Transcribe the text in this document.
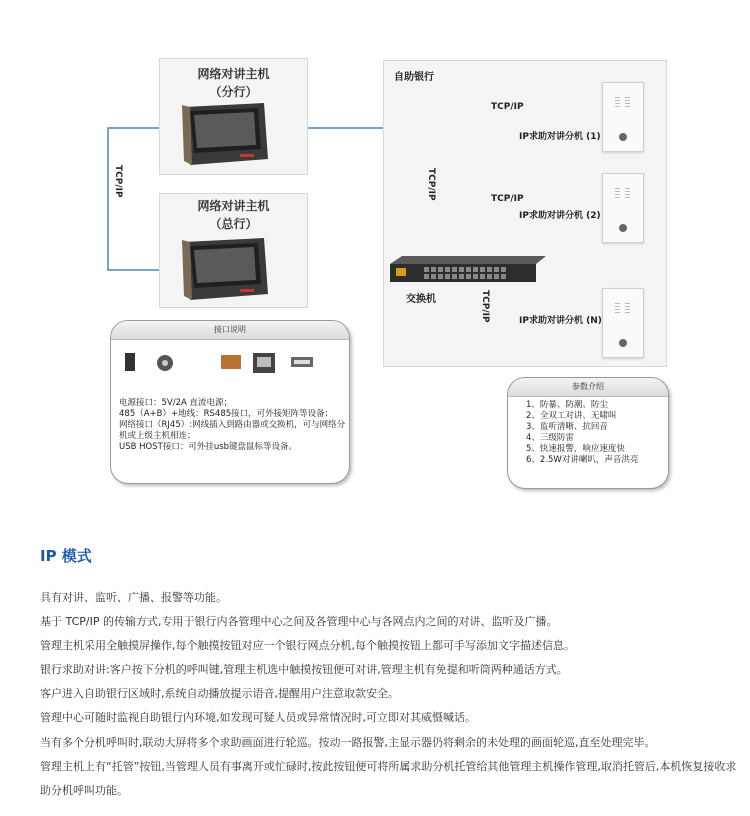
网络对讲主机
（分行）
网络对讲主机
（总行）
TCP/IP
自助银行
TCP/IP
TCP/IP
TCP/IP
TCP/IP
IP求助对讲分机 (1)
IP求助对讲分机 (2)
IP求助对讲分机 (N)
交换机
接口说明
电源接口：5V/2A 直流电源；
485（A+B）+地线：RS485接口，可外接矩阵等设备；
网络接口（RJ45）:网线插入到路由器或交换机，可与网络分机或上级主机相连；
USB HOST接口：可外挂usb键盘鼠标等设备。
参数介绍
1、防暴、防潮、防尘
2、全双工对讲、无啸叫
3、监听清晰、抗回音
4、三级防雷
5、快速报警，响应速度快
6、2.5W对讲喇叭，声音洪亮
IP 模式
具有对讲、监听、广播、报警等功能。
基于 TCP/IP 的传输方式,专用于银行内各管理中心之间及各管理中心与各网点内之间的对讲、监听及广播。
管理主机采用全触摸屏操作,每个触摸按钮对应一个银行网点分机,每个触摸按钮上都可手写添加文字描述信息。
银行求助对讲:客户按下分机的呼叫键,管理主机选中触摸按钮便可对讲,管理主机有免提和听筒两种通话方式。
客户进入自助银行区域时,系统自动播放提示语音,提醒用户注意取款安全。
管理中心可随时监视自助银行内环境,如发现可疑人员或异常情况时,可立即对其威慑喊话。
当有多个分机呼叫时,联动大屏将多个求助画面进行轮巡。按动一路报警,主显示器仍将剩余的未处理的画面轮巡,直至处理完毕。
管理主机上有“托管”按钮,当管理人员有事离开或忙碌时,按此按钮便可将所属求助分机托管给其他管理主机操作管理,取消托管后,本机恢复接收求助分机呼叫功能。
